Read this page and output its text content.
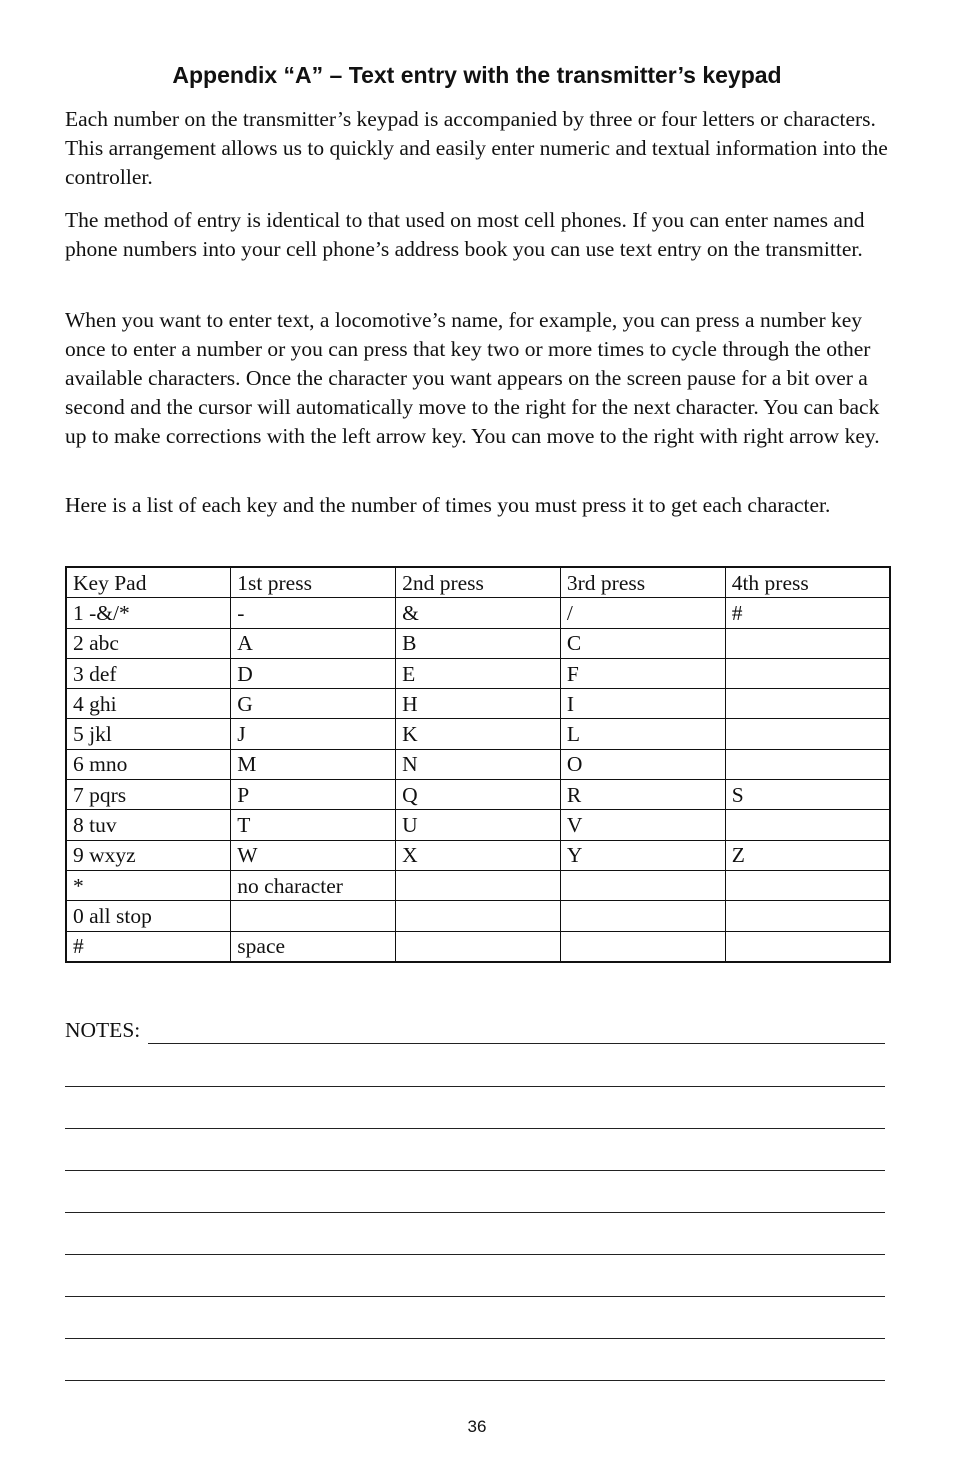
Appendix “A” – Text entry with the transmitter’s keypad

Each number on the transmitter’s keypad is accompanied by three or four letters or characters. This arrangement allows us to quickly and easily enter numeric and textual information into the controller.

The method of entry is identical to that used on most cell phones. If you can enter names and phone numbers into your cell phone’s address book you can use text entry on the transmitter.

When you want to enter text, a locomotive’s name, for example, you can press a number key once to enter a number or you can press that key two or more times to cycle through the other available characters. Once the character you want appears on the screen pause for a bit over a second and the cursor will automatically move to the right for the next character. You can back up to make corrections with the left arrow key. You can move to the right with right arrow key.

Here is a list of each key and the number of times you must press it to get each character.

Key Pad	1st press	2nd press	3rd press	4th press
1 -&/*	-	&	/	#
2 abc	A	B	C	
3 def	D	E	F	
4 ghi	G	H	I	
5 jkl	J	K	L	
6 mno	M	N	O	
7 pqrs	P	Q	R	S
8 tuv	T	U	V	
9 wxyz	W	X	Y	Z
*	no character			
0 all stop				
#	space			
NOTES:
36
